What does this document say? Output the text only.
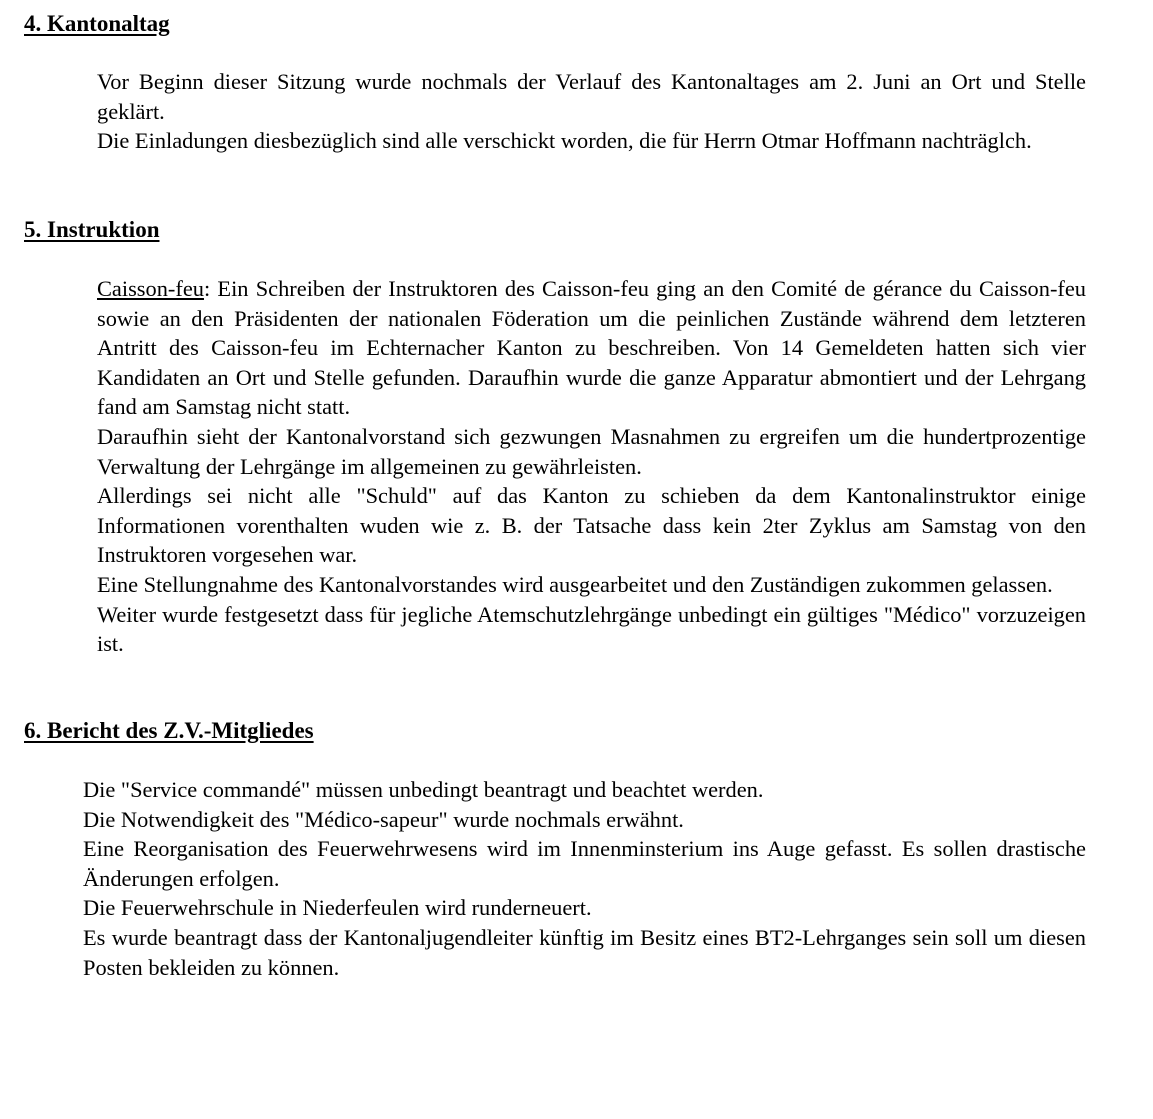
4. Kantonaltag

Vor Beginn dieser Sitzung wurde nochmals der Verlauf des Kantonaltages am 2. Juni an Ort und Stelle geklärt.

Die Einladungen diesbezüglich sind alle verschickt worden, die für Herrn Otmar Hoffmann nachträglch.

5. Instruktion

Caisson-feu: Ein Schreiben der Instruktoren des Caisson-feu ging an den Comité de gérance du Caisson-feu sowie an den Präsidenten der nationalen Föderation um die peinlichen Zustände während dem letzteren Antritt des Caisson-feu im Echternacher Kanton zu beschreiben. Von 14 Gemeldeten hatten sich vier Kandidaten an Ort und Stelle gefunden. Daraufhin wurde die ganze Apparatur abmontiert und der Lehrgang fand am Samstag nicht statt.

Daraufhin sieht der Kantonalvorstand sich gezwungen Masnahmen zu ergreifen um die hundertprozentige Verwaltung der Lehrgänge im allgemeinen zu gewährleisten.

Allerdings sei nicht alle "Schuld" auf das Kanton zu schieben da dem Kantonalinstruktor einige Informationen vorenthalten wuden wie z. B. der Tatsache dass kein 2ter Zyklus am Samstag von den Instruktoren vorgesehen war.

Eine Stellungnahme des Kantonalvorstandes wird ausgearbeitet und den Zuständigen zukommen gelassen.

Weiter wurde festgesetzt dass für jegliche Atemschutzlehrgänge unbedingt ein gültiges "Médico" vorzuzeigen ist.

6. Bericht des Z.V.-Mitgliedes

Die "Service commandé" müssen unbedingt beantragt und beachtet werden.

Die Notwendigkeit des "Médico-sapeur" wurde nochmals erwähnt.

Eine Reorganisation des Feuerwehrwesens wird im Innenminsterium ins Auge gefasst. Es sollen drastische Änderungen erfolgen.

Die Feuerwehrschule in Niederfeulen wird runderneuert.

Es wurde beantragt dass der Kantonaljugendleiter künftig im Besitz eines BT2-Lehrganges sein soll um diesen Posten bekleiden zu können.
